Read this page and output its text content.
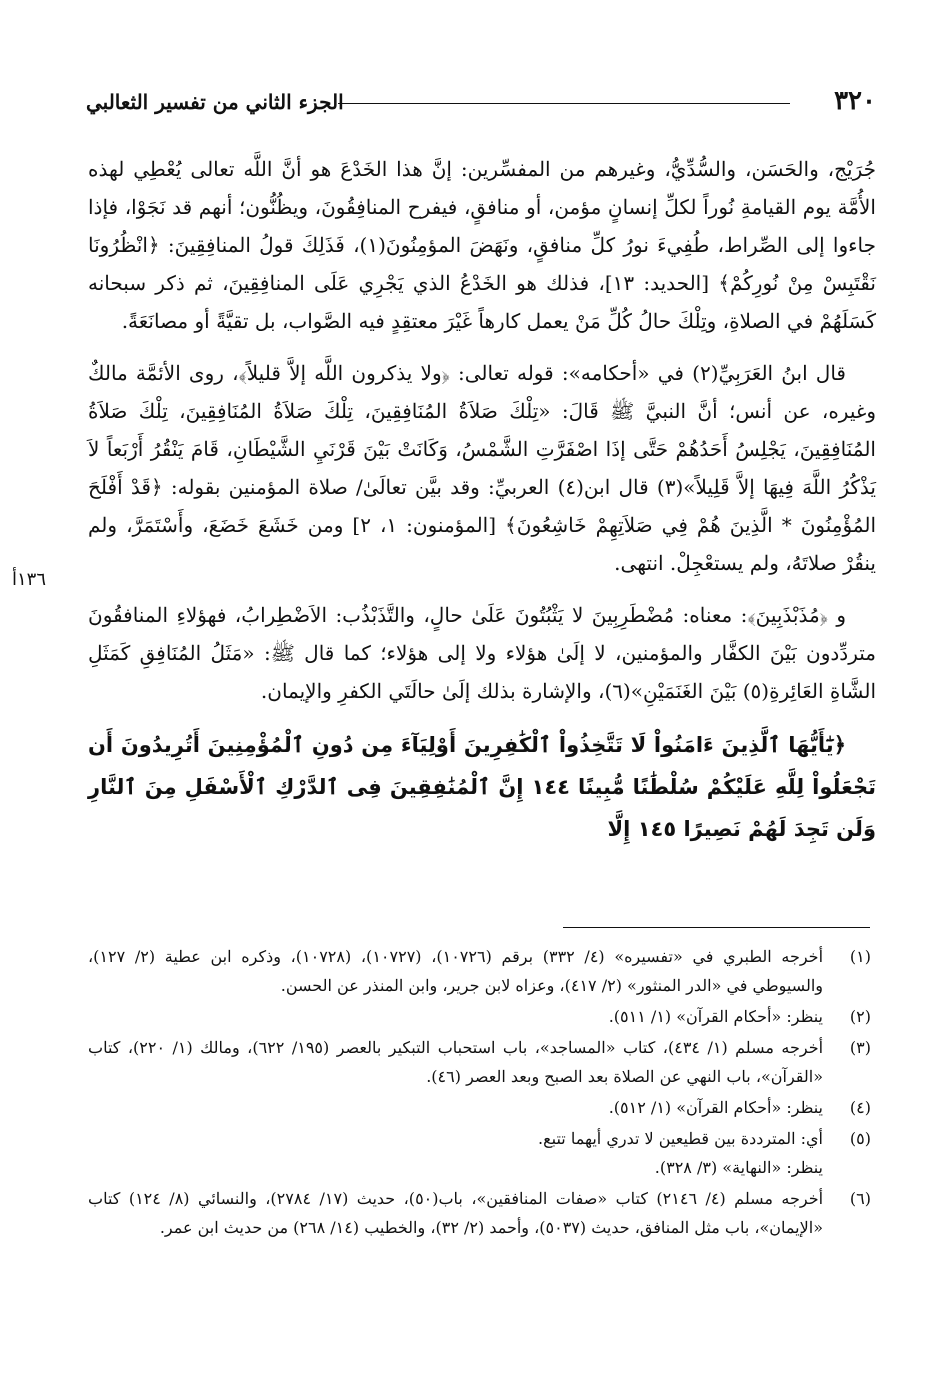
الجزء الثاني من تفسير الثعالبي	٣٢٠
١٣٦أ

جُرَيْج، والحَسَن، والسُّدِّيُّ، وغيرهم من المفسِّرين: إنَّ هذا الخَدْعَ هو أنَّ اللَّه تعالى يُعْطِي لهذه الأُمَّة يوم القيامةِ نُوراً لكلِّ إنسانٍ مؤمن، أو منافقٍ، فيفرح المنافِقُونَ، ويظُنُّون؛ أنهم قد نَجَوْا، فإذا جاءوا إلى الصِّراط، طُفِيءَ نورُ كلِّ منافقٍ، ونَهَضَ المؤمِنُونَ(١)، فَذَلِكَ قولُ المنافِقِينَ: ﴿انْظُرُونَا نَقْتَبِسْ مِنْ نُورِكُمْ﴾ [الحديد: ١٣]، فذلك هو الخَدْعُ الذي يَجْرِي عَلَى المنافِقِينَ، ثم ذكر سبحانه كَسَلَهُمْ في الصلاةِ، وتِلْكَ حالُ كُلِّ مَنْ يعمل كارهاً غَيْرَ معتقِدٍ فيه الصَّواب، بل تقيَّةً أو مصانَعَةً.

قال ابنُ العَرَبِيِّ(٢) في «أحكامه»: قوله تعالى: ﴿ولا يذكرون اللَّه إلاَّ قليلاً﴾، روى الأئمَّة مالكٌ وغيره، عن أنس؛ أنَّ النبيَّ ﷺ قَالَ: «تِلْكَ صَلاَةُ المُنَافِقِينَ، تِلْكَ صَلاَةُ المُنَافِقِينَ، تِلْكَ صَلاَةُ المُنَافِقِينَ، يَجْلِسُ أَحَدُهُمْ حَتَّى إذَا اصْفَرَّتِ الشَّمْسُ، وَكَانَتْ بَيْنَ قَرْنَيِ الشَّيْطَانِ، قَامَ يَنْقُرُ أَرْبَعاً لاَ يَذْكُرُ اللَّهَ فِيهَا إلاَّ قَلِيلاً»(٣) قال ابن(٤) العربيِّ: وقد بيَّن تعالَىٰ/ صلاة المؤمنين بقوله: ﴿قَدْ أَفْلَحَ المُؤْمِنُونَ * الَّذِينَ هُمْ فِي صَلاَتِهِمْ خَاشِعُونَ﴾ [المؤمنون: ١، ٢] ومن خَشَعَ خَضَعَ، وأَسْتَمَرَّ، ولم ينقُرْ صلاتَهُ، ولم يستعْجِلْ. انتهى.

و ﴿مُذَبْذَبِينَ﴾: معناه: مُضْطَرِبِينَ لا يَثْبُتُونَ عَلَىٰ حالٍ، والتَّذَبْذُب: الاَضْطِرابُ، فهؤلاءِ المنافقُونَ متردِّدون بَيْنَ الكفَّار والمؤمنين، لا إلَىٰ هؤلاء ولا إلى هؤلاء؛ كما قال ﷺ: «مَثَلُ المُنَافِقِ كَمَثَلِ الشَّاةِ العَائِرةِ(٥) بَيْنَ الغَنَمَيْنِ»(٦)، والإشارة بذلك إلَىٰ حالَتَي الكفرِ والإيمان.

﴿يَٰٓأَيُّهَا ٱلَّذِينَ ءَامَنُواْ لَا تَتَّخِذُواْ ٱلْكَٰفِرِينَ أَوْلِيَآءَ مِن دُونِ ٱلْمُؤْمِنِينَ أَتُرِيدُونَ أَن تَجْعَلُواْ لِلَّهِ عَلَيْكُمْ سُلْطَٰنًا مُّبِينًا ١٤٤ إِنَّ ٱلْمُنَٰفِقِينَ فِى ٱلدَّرْكِ ٱلْأَسْفَلِ مِنَ ٱلنَّارِ وَلَن تَجِدَ لَهُمْ نَصِيرًا ١٤٥ إِلَّا

(١)
أخرجه الطبري في «تفسيره» (٤/ ٣٣٢) برقم (١٠٧٢٦)، (١٠٧٢٧)، (١٠٧٢٨)، وذكره ابن عطية (٢/ ١٢٧)، والسيوطي في «الدر المنثور» (٢/ ٤١٧)، وعزاه لابن جرير، وابن المنذر عن الحسن.
(٢)
ينظر: «أحكام القرآن» (١/ ٥١١).
(٣)
أخرجه مسلم (١/ ٤٣٤)، كتاب «المساجد»، باب استحباب التبكير بالعصر (١٩٥/ ٦٢٢)، ومالك (١/ ٢٢٠)، كتاب «القرآن»، باب النهي عن الصلاة بعد الصبح وبعد العصر (٤٦).
(٤)
ينظر: «أحكام القرآن» (١/ ٥١٢).
(٥)
أي: المترددة بين قطيعين لا تدري أيهما تتبع.
ينظر: «النهاية» (٣/ ٣٢٨).
(٦)
أخرجه مسلم (٤/ ٢١٤٦) كتاب «صفات المنافقين»، باب(٥٠)، حديث (١٧/ ٢٧٨٤)، والنسائي (٨/ ١٢٤) كتاب «الإيمان»، باب مثل المنافق، حديث (٥٠٣٧)، وأحمد (٢/ ٣٢)، والخطيب (١٤/ ٢٦٨) من حديث ابن عمر.
